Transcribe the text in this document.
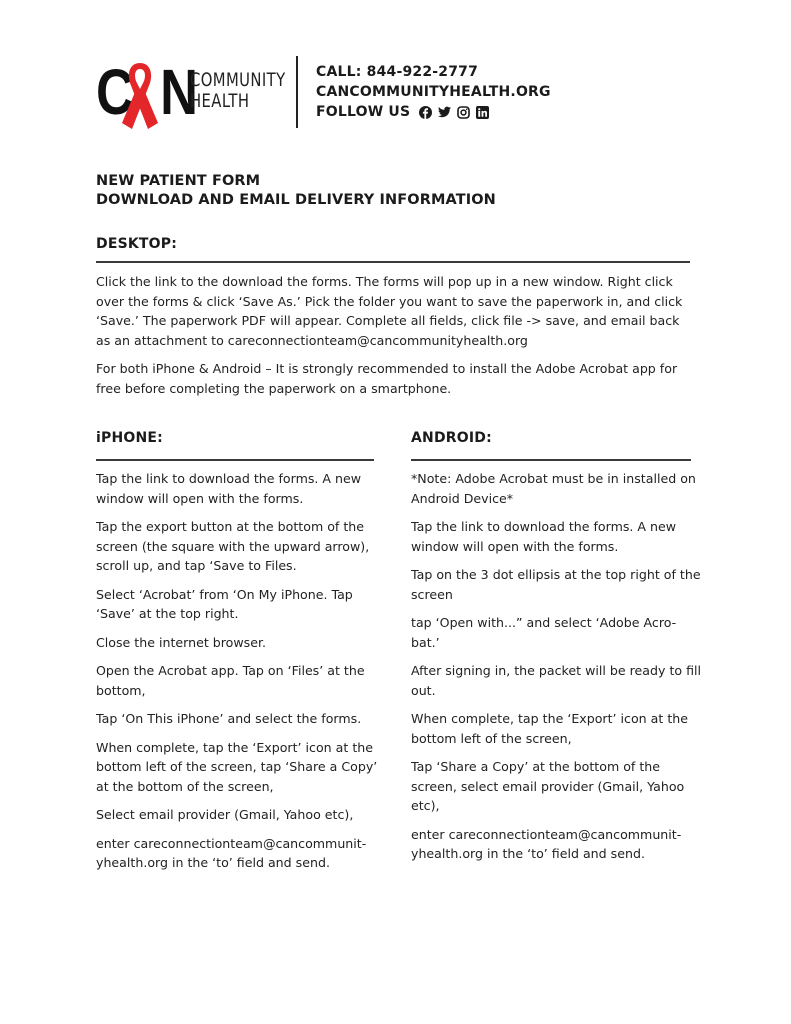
C N
COMMUNITY
HEALTH
CALL: 844-922-2777
CANCOMMUNITYHEALTH.ORG
FOLLOW US
NEW PATIENT FORM
DOWNLOAD AND EMAIL DELIVERY INFORMATION
DESKTOP:

Click the link to the download the forms. The forms will pop up in a new window. Right click over the forms & click ‘Save As.’ Pick the folder you want to save the paperwork in, and click ‘Save.’ The paperwork PDF will appear. Complete all fields, click file -> save, and email back as an attachment to careconnectionteam@cancommunityhealth.org

For both iPhone & Android – It is strongly recommended to install the Adobe Acrobat app for free before completing the paperwork on a smartphone.

iPHONE:

Tap the link to download the forms. A new window will open with the forms.

Tap the export button at the bottom of the screen (the square with the upward arrow), scroll up, and tap ‘Save to Files.

Select ‘Acrobat’ from ‘On My iPhone. Tap ‘Save’ at the top right.

Close the internet browser.

Open the Acrobat app. Tap on ‘Files’ at the bottom,

Tap ‘On This iPhone’ and select the forms.

When complete, tap the ‘Export’ icon at the bottom left of the screen, tap ‘Share a Copy’ at the bottom of the screen,

Select email provider (Gmail, Yahoo etc),

enter careconnectionteam@cancommunit-yhealth.org in the ‘to’ field and send.

ANDROID:

*Note: Adobe Acrobat must be in installed on Android Device*

Tap the link to download the forms. A new window will open with the forms.

Tap on the 3 dot ellipsis at the top right of the screen

tap ‘Open with...” and select ‘Adobe Acro-bat.’

After signing in, the packet will be ready to fill out.

When complete, tap the ‘Export’ icon at the bottom left of the screen,

Tap ‘Share a Copy’ at the bottom of the screen, select email provider (Gmail, Yahoo etc),

enter careconnectionteam@cancommunit-yhealth.org in the ‘to’ field and send.
